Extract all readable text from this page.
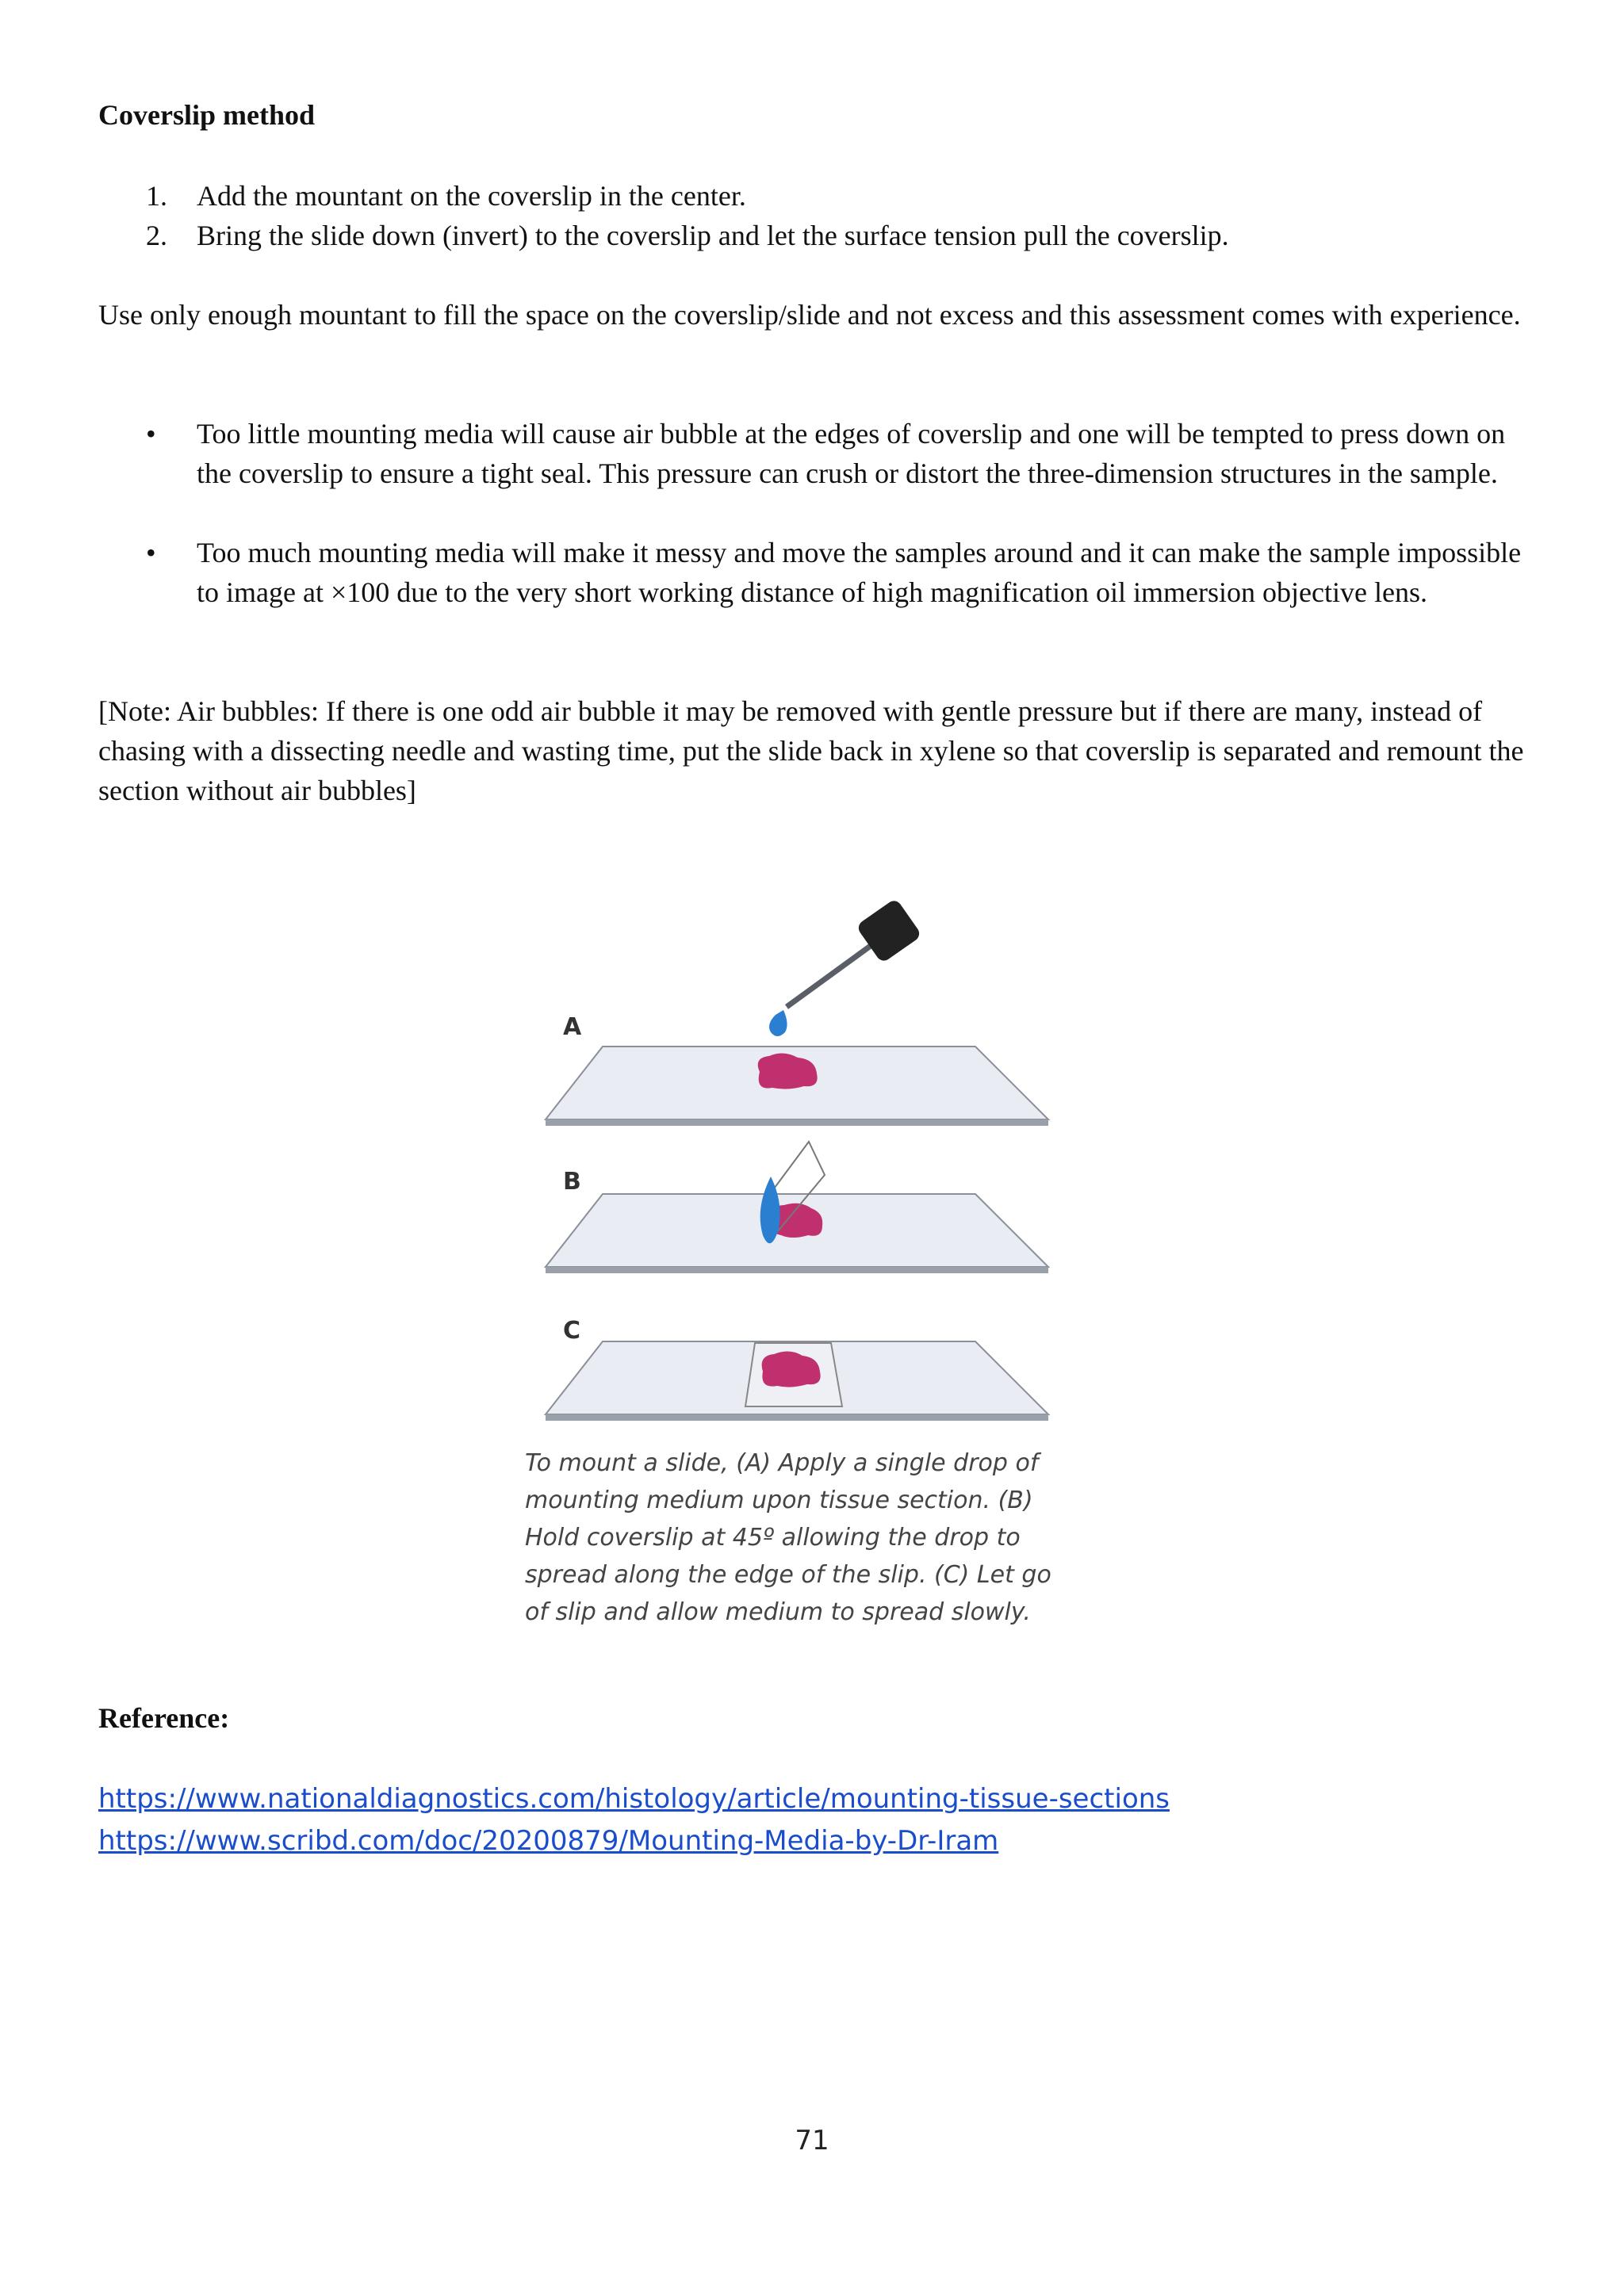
Coverslip method
1. Add the mountant on the coverslip in the center.
2. Bring the slide down (invert) to the coverslip and let the surface tension pull the coverslip.
Use only enough mountant to fill the space on the coverslip/slide and not excess and this assessment comes with experience.
• Too little mounting media will cause air bubble at the edges of coverslip and one will be tempted to press down on the coverslip to ensure a tight seal. This pressure can crush or distort the three-dimension structures in the sample.
• Too much mounting media will make it messy and move the samples around and it can make the sample impossible to image at ×100 due to the very short working distance of high magnification oil immersion objective lens.
[Note: Air bubbles: If there is one odd air bubble it may be removed with gentle pressure but if there are many, instead of chasing with a dissecting needle and wasting time, put the slide back in xylene so that coverslip is separated and remount the section without air bubbles]
A
B
C
To mount a slide, (A) Apply a single drop of mounting medium upon tissue section. (B) Hold coverslip at 45º allowing the drop to spread along the edge of the slip. (C) Let go of slip and allow medium to spread slowly.
Reference:
https://www.nationaldiagnostics.com/histology/article/mounting-tissue-sections
https://www.scribd.com/doc/20200879/Mounting-Media-by-Dr-Iram
71
